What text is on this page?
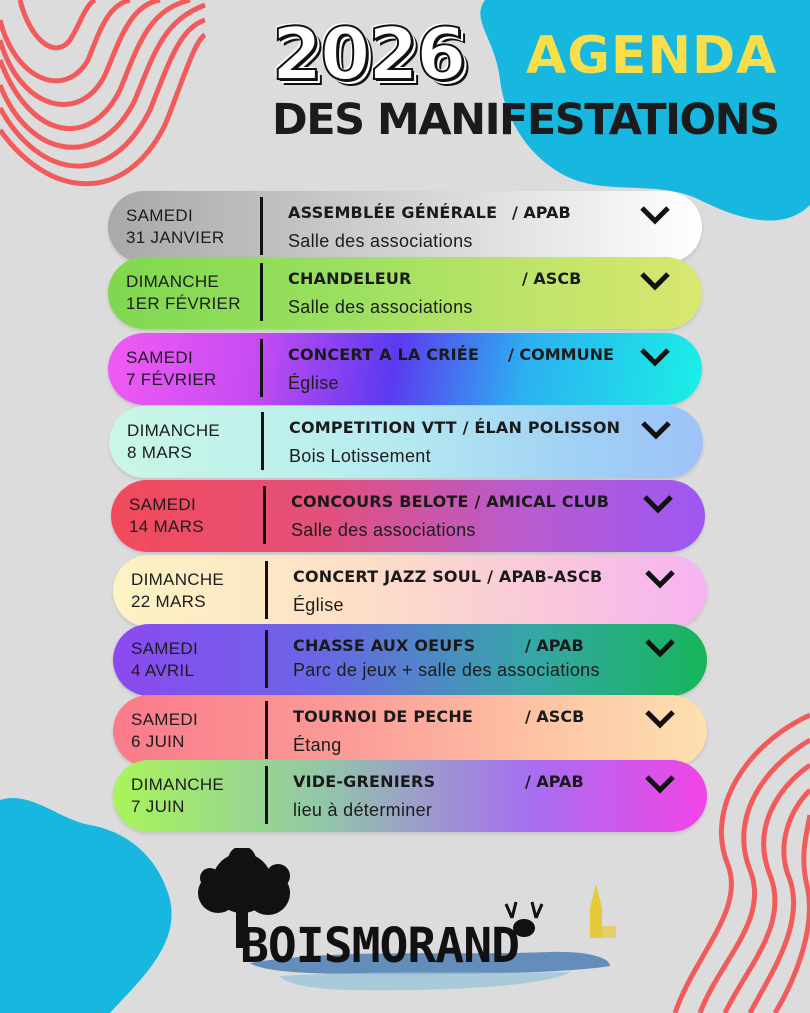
2026 AGENDA
DES MANIFESTATIONS
SAMEDI
31 JANVIER
ASSEMBLÉE GÉNÉRALE / APAB
Salle des associations
DIMANCHE
1ER FÉVRIER
CHANDELEUR	/ ASCB
Salle des associations
SAMEDI
7 FÉVRIER
CONCERT A LA CRIÉE / COMMUNE
Église
DIMANCHE
8 MARS
COMPETITION VTT / ÉLAN POLISSON
Bois Lotissement
SAMEDI
14 MARS
CONCOURS BELOTE / AMICAL CLUB
Salle des associations
DIMANCHE
22 MARS
CONCERT JAZZ SOUL / APAB-ASCB
Église
SAMEDI
4 AVRIL
CHASSE AUX OEUFS	/ APAB
Parc de jeux + salle des associations
SAMEDI
6 JUIN
TOURNOI DE PECHE	/ ASCB
Étang
DIMANCHE
7 JUIN
VIDE-GRENIERS	/ APAB
lieu à déterminer
BOISMORAND
